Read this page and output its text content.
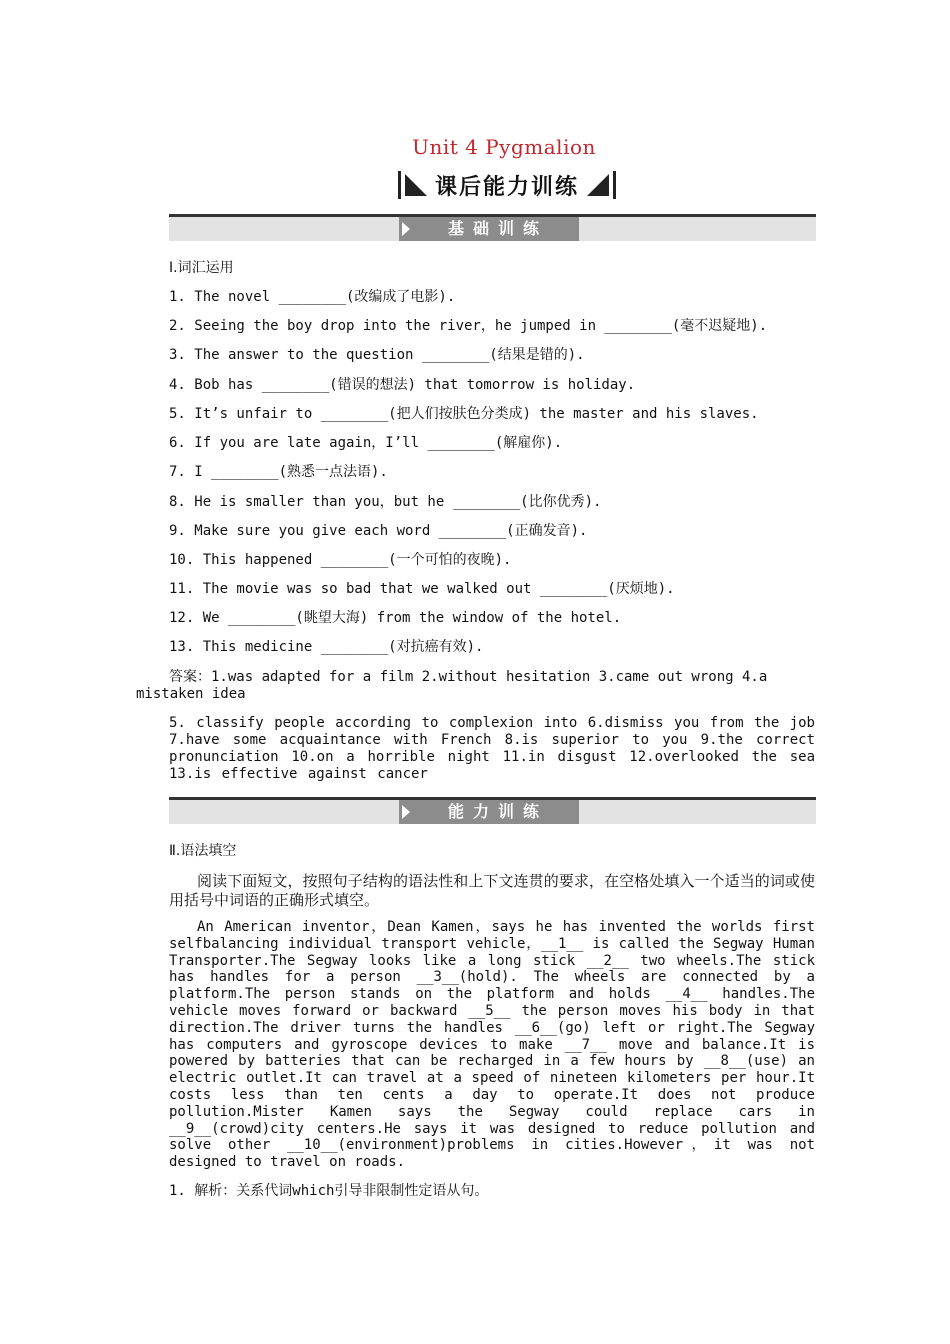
Unit 4 Pygmalion
课后能力训练
基础训练
Ⅰ.词汇运用
1. The novel ________(改编成了电影).
2. Seeing the boy drop into the river，he jumped in ________(毫不迟疑地).
3. The answer to the question ________(结果是错的).
4. Bob has ________(错误的想法) that tomorrow is holiday.
5. It’s unfair to ________(把人们按肤色分类成) the master and his slaves.
6. If you are late again，I’ll ________(解雇你).
7. I ________(熟悉一点法语).
8. He is smaller than you，but he ________(比你优秀).
9. Make sure you give each word ________(正确发音).
10. This happened ________(一个可怕的夜晚).
11. The movie was so bad that we walked out ________(厌烦地).
12. We ________(眺望大海) from the window of the hotel.
13. This medicine ________(对抗癌有效).
答案：1.was adapted for a film 2.without hesitation 3.came out wrong 4.a mistaken idea
5. classify people according to complexion into 6.dismiss you from the job 7.have some acquaintance with French 8.is superior to you 9.the correct pronunciation 10.on a horrible night 11.in disgust 12.overlooked the sea 13.is effective against cancer
能力训练
Ⅱ.语法填空
阅读下面短文，按照句子结构的语法性和上下文连贯的要求，在空格处填入一个适当的词或使用括号中词语的正确形式填空。
An American inventor，Dean Kamen，says he has invented the worlds first selfbalancing individual transport vehicle，__1__ is called the Segway Human Transporter.The Segway looks like a long stick __2__ two wheels.The stick has handles for a person __3__(hold). The wheels are connected by a platform.The person stands on the platform and holds __4__ handles.The vehicle moves forward or backward __5__ the person moves his body in that direction.The driver turns the handles __6__(go) left or right.The Segway has computers and gyroscope devices to make __7__ move and balance.It is powered by batteries that can be recharged in a few hours by __8__(use) an electric outlet.It can travel at a speed of nineteen kilometers per hour.It costs less than ten cents a day to operate.It does not produce pollution.Mister Kamen says the Segway could replace cars in __9__(crowd)city centers.He says it was designed to reduce pollution and solve other __10__(environment)problems in cities.However，it was not designed to travel on roads.
1. 解析：关系代词which引导非限制性定语从句。
